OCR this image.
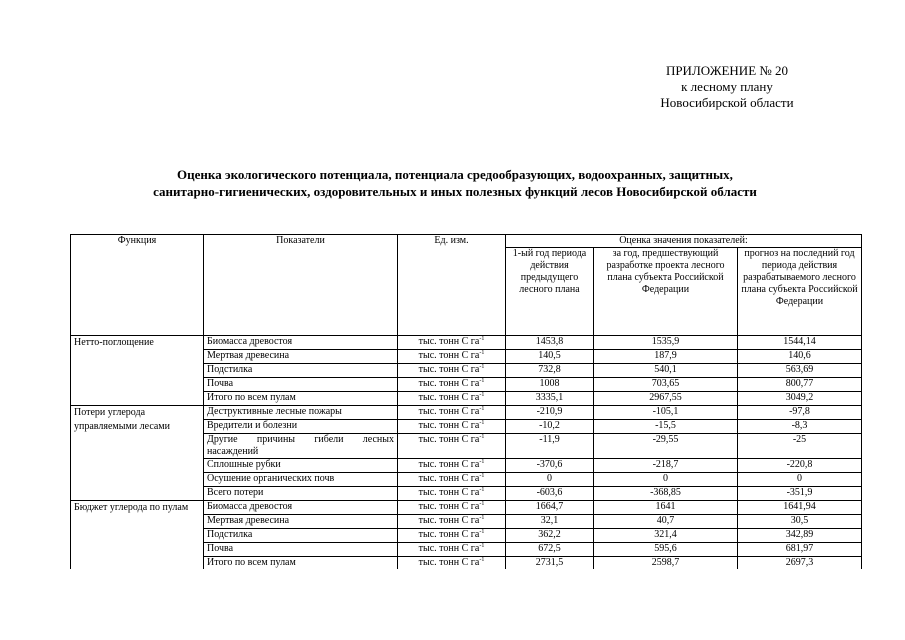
ПРИЛОЖЕНИЕ № 20
к лесному плану
Новосибирской области
Оценка экологического потенциала, потенциала средообразующих, водоохранных, защитных,
санитарно-гигиенических, оздоровительных и иных полезных функций лесов Новосибирской области
Функция	Показатели	Ед. изм.	Оценка значения показателей:		
			1-ый год периода действия предыдущего лесного плана	за год, предшествующий разработке проекта лесного плана субъекта Российской Федерации	прогноз на последний год периода действия разрабатываемого лесного плана субъекта Российской Федерации
Нетто-поглощение	Биомасса древостоя	тыс. тонн С $га^{-1}$	1453,8	1535,9	1544,14
	Мертвая древесина	тыс. тонн С $га^{-1}$	140,5	187,9	140,6
	Подстилка	тыс. тонн С $га^{-1}$	732,8	540,1	563,69
	Почва	тыс. тонн С $га^{-1}$	1008	703,65	800,77
	Итого по всем пулам	тыс. тонн С $га^{-1}$	3335,1	2967,55	3049,2
Потери углерода управляемыми лесами	Деструктивные лесные пожары	тыс. тонн С $га^{-1}$	-210,9	-105,1	-97,8
	Вредители и болезни	тыс. тонн С $га^{-1}$	-10,2	-15,5	-8,3
	Другие причины гибели лесных насаждений	тыс. тонн С $га^{-1}$	-11,9	-29,55	-25
	Сплошные рубки	тыс. тонн С $га^{-1}$	-370,6	-218,7	-220,8
	Осушение органических почв	тыс. тонн С $га^{-1}$	0	0	0
	Всего потери	тыс. тонн С $га^{-1}$	-603,6	-368,85	-351,9
Бюджет углерода по пулам	Биомасса древостоя	тыс. тонн С $га^{-1}$	1664,7	1641	1641,94
	Мертвая древесина	тыс. тонн С $га^{-1}$	32,1	40,7	30,5
	Подстилка	тыс. тонн С $га^{-1}$	362,2	321,4	342,89
	Почва	тыс. тонн С $га^{-1}$	672,5	595,6	681,97
	Итого по всем пулам	тыс. тонн С $га^{-1}$	2731,5	2598,7	2697,3
